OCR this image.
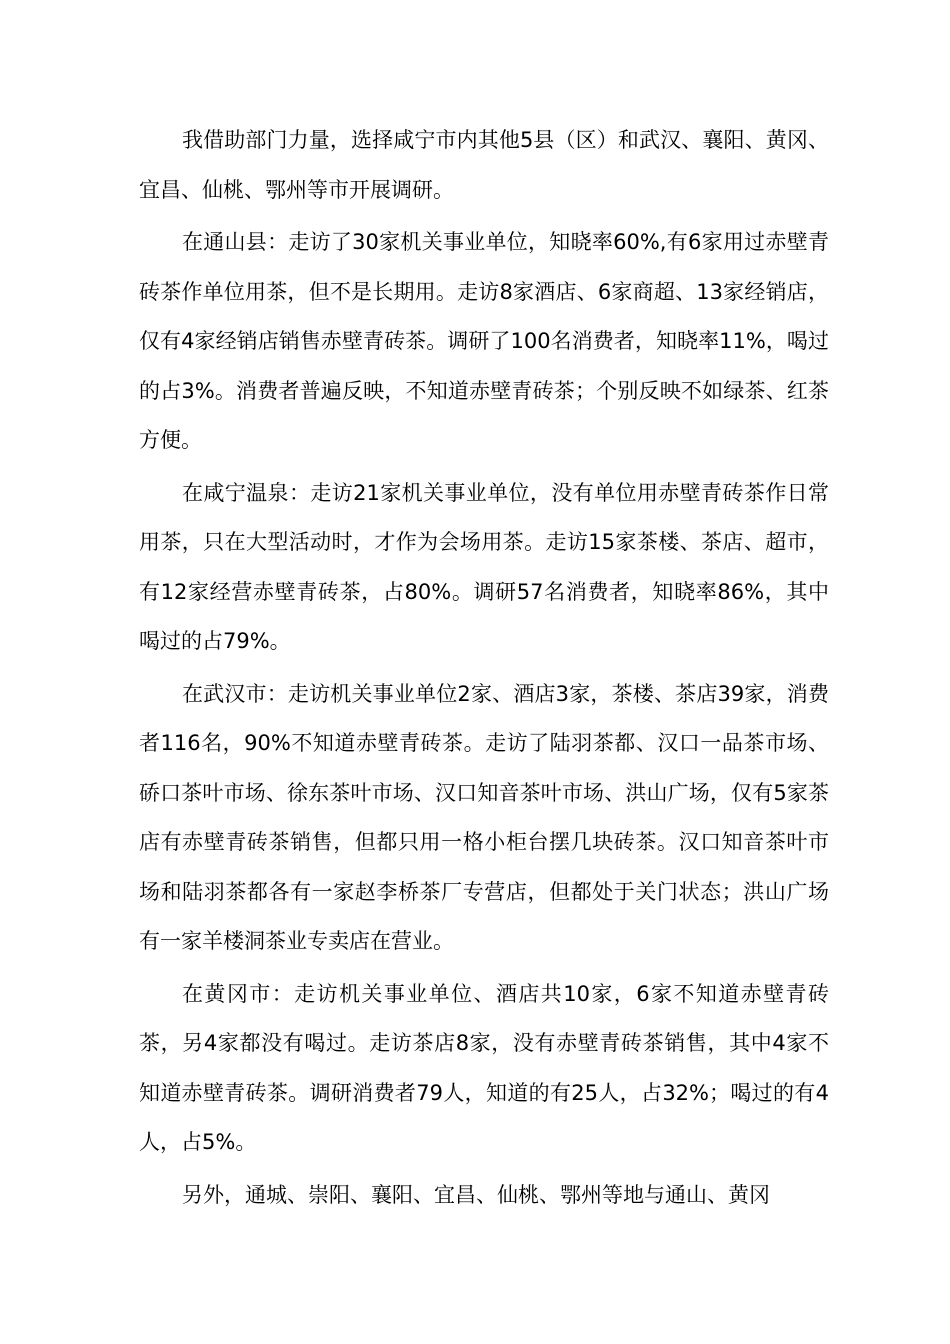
我借助部门力量，选择咸宁市内其他5县（区）和武汉、襄阳、黄冈、宜昌、仙桃、鄂州等市开展调研。

在通山县：走访了30家机关事业单位，知晓率60%,有6家用过赤壁青砖茶作单位用茶，但不是长期用。走访8家酒店、6家商超、13家经销店，仅有4家经销店销售赤壁青砖茶。调研了100名消费者，知晓率11%，喝过的占3%。消费者普遍反映，不知道赤壁青砖茶；个别反映不如绿茶、红茶方便。

在咸宁温泉：走访21家机关事业单位，没有单位用赤壁青砖茶作日常用茶，只在大型活动时，才作为会场用茶。走访15家茶楼、茶店、超市，有12家经营赤壁青砖茶，占80%。调研57名消费者，知晓率86%，其中喝过的占79%。

在武汉市：走访机关事业单位2家、酒店3家，茶楼、茶店39家，消费者116名，90%不知道赤壁青砖茶。走访了陆羽茶都、汉口一品茶市场、硚口茶叶市场、徐东茶叶市场、汉口知音茶叶市场、洪山广场，仅有5家茶店有赤壁青砖茶销售，但都只用一格小柜台摆几块砖茶。汉口知音茶叶市场和陆羽茶都各有一家赵李桥茶厂专营店，但都处于关门状态；洪山广场有一家羊楼洞茶业专卖店在营业。

在黄冈市：走访机关事业单位、酒店共10家，6家不知道赤壁青砖茶，另4家都没有喝过。走访茶店8家，没有赤壁青砖茶销售，其中4家不知道赤壁青砖茶。调研消费者79人，知道的有25人，占32%；喝过的有4人，占5%。

另外，通城、崇阳、襄阳、宜昌、仙桃、鄂州等地与通山、黄冈
